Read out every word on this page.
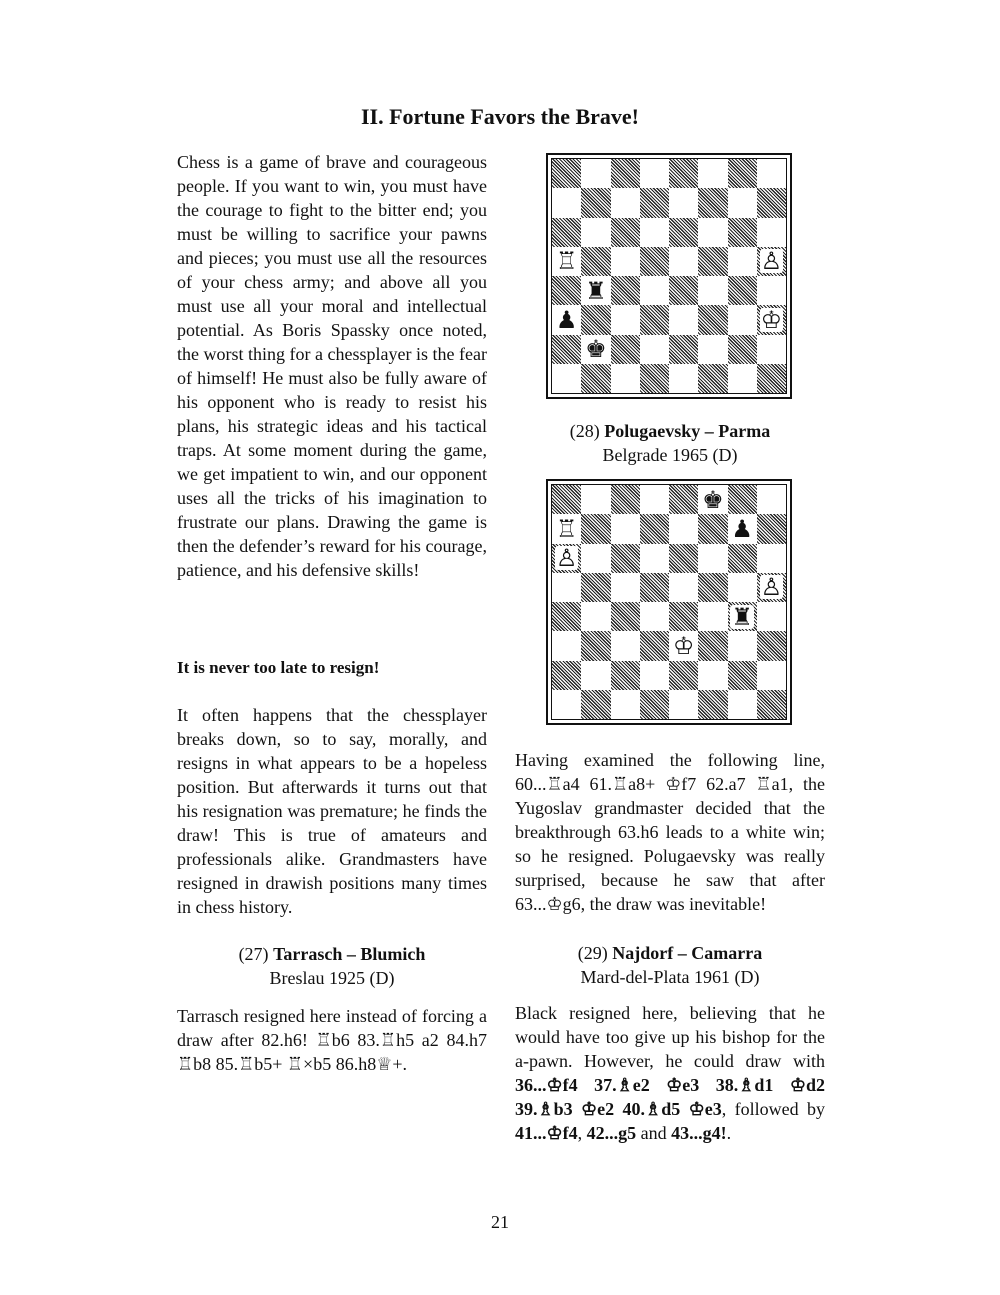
II. Fortune Favors the Brave!

Chess is a game of brave and courageous people. If you want to win, you must have the courage to fight to the bitter end; you must be willing to sacrifice your pawns and pieces; you must use all the resources of your chess army; and above all you must use all your moral and intellectual potential. As Boris Spassky once noted, the worst thing for a chessplayer is the fear of himself! He must also be fully aware of his opponent who is ready to resist his plans, his strategic ideas and his tactical traps. At some moment during the game, we get impatient to win, and our opponent uses all the tricks of his imagination to frustrate our plans. Drawing the game is then the defender’s reward for his courage, patience, and his defensive skills!

It is never too late to resign!

It often happens that the chessplayer breaks down, so to say, morally, and resigns in what appears to be a hopeless position. But afterwards it turns out that his resignation was premature; he finds the draw! This is true of amateurs and professionals alike. Grandmasters have resigned in drawish positions many times in chess history.

(27) Tarrasch – Blumich
Breslau 1925 (D)

Tarrasch resigned here instead of forcing a draw after 82.h6! ♖b6 83.♖h5 a2 84.h7 ♖b8 85.♖b5+ ♖×b5 86.h8♕+.

♖	♙
♜
♟	♔
♚
(28) Polugaevsky – Parma
Belgrade 1965 (D)
♚
♖	♟
♙
♙
♜
♔

Having examined the following line, 60...♖a4 61.♖a8+ ♔f7 62.a7 ♖a1, the Yugoslav grandmaster decided that the breakthrough 63.h6 leads to a white win; so he resigned. Polugaevsky was really surprised, because he saw that after 63...♔g6, the draw was inevitable!

(29) Najdorf – Camarra
Mard-del-Plata 1961 (D)

Black resigned here, believing that he would have too give up his bishop for the a-pawn. However, he could draw with 36...♔f4 37.♗e2 ♔e3 38.♗d1 ♔d2 39.♗b3 ♔e2 40.♗d5 ♔e3, followed by 41...♔f4, 42...g5 and 43...g4!.

21
